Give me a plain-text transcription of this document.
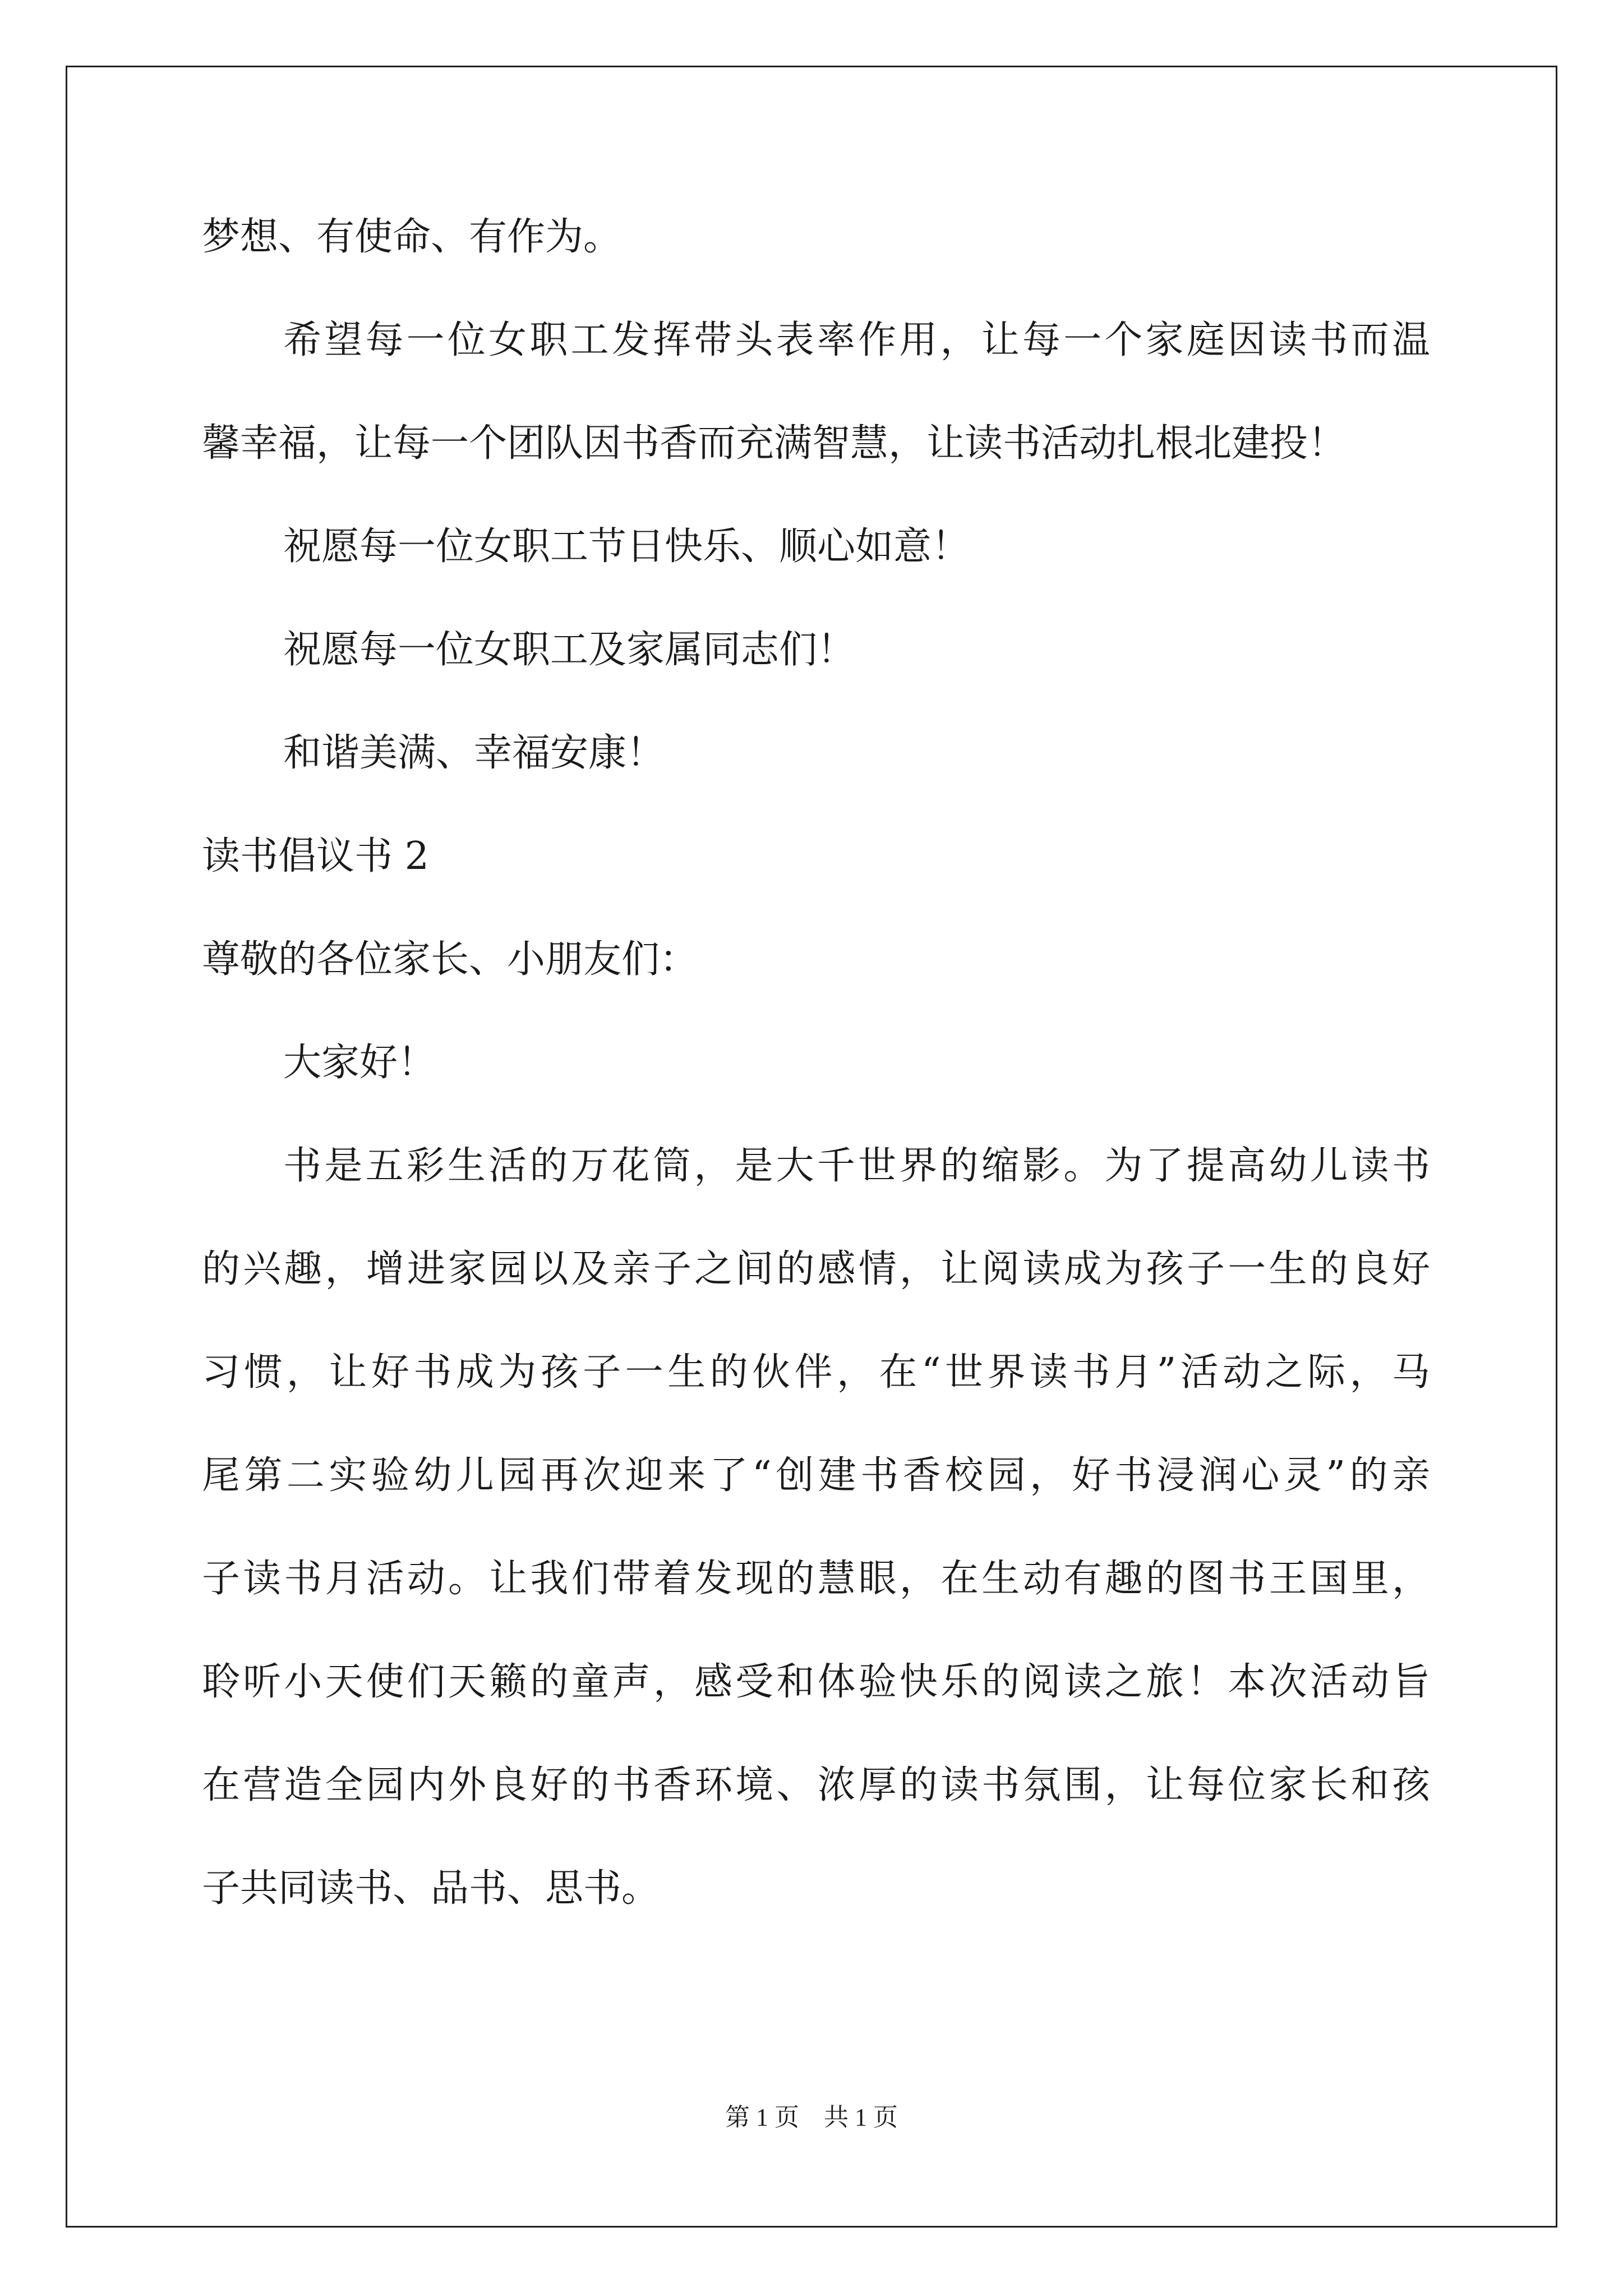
梦想、有使命、有作为。
希望每一位女职工发挥带头表率作用，让每一个家庭因读书而温
馨幸福，让每一个团队因书香而充满智慧，让读书活动扎根北建投！
祝愿每一位女职工节日快乐、顺心如意！
祝愿每一位女职工及家属同志们！
和谐美满、幸福安康！
读书倡议书 2
尊敬的各位家长、小朋友们：
大家好！
书是五彩生活的万花筒，是大千世界的缩影。为了提高幼儿读书
的兴趣，增进家园以及亲子之间的感情，让阅读成为孩子一生的良好
习惯，让好书成为孩子一生的伙伴，在“世界读书月”活动之际，马
尾第二实验幼儿园再次迎来了“创建书香校园，好书浸润心灵”的亲
子读书月活动。让我们带着发现的慧眼，在生动有趣的图书王国里，
聆听小天使们天籁的童声，感受和体验快乐的阅读之旅！本次活动旨
在营造全园内外良好的书香环境、浓厚的读书氛围，让每位家长和孩
子共同读书、品书、思书。
第 1 页　共 1 页
